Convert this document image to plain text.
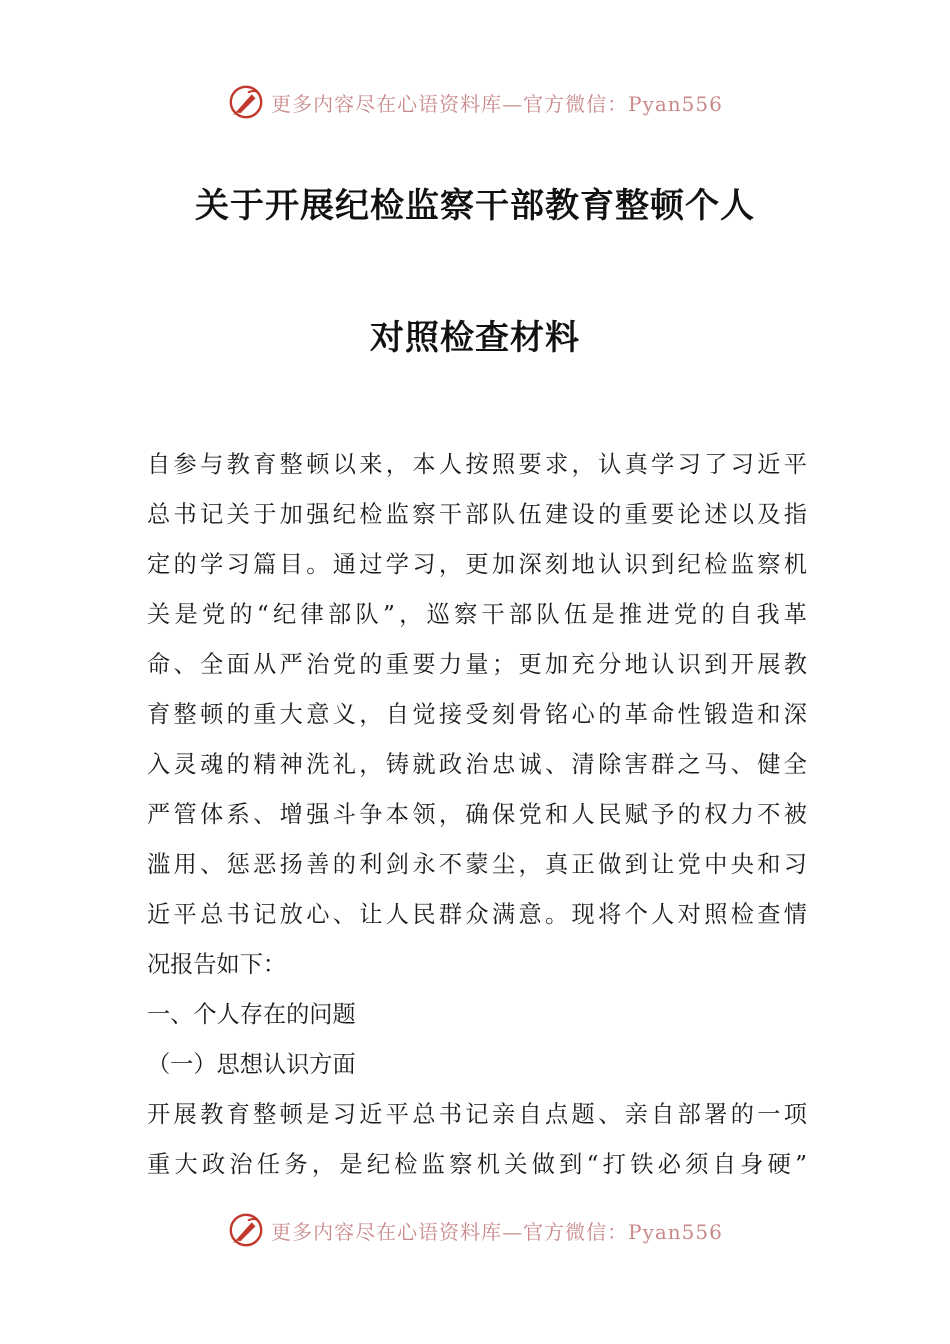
更多内容尽在心语资料库—官方微信：Pyan556
关于开展纪检监察干部教育整顿个人
对照检查材料
自参与教育整顿以来，本人按照要求，认真学习了习近平
总书记关于加强纪检监察干部队伍建设的重要论述以及指
定的学习篇目。通过学习，更加深刻地认识到纪检监察机
关是党的“纪律部队”，巡察干部队伍是推进党的自我革
命、全面从严治党的重要力量；更加充分地认识到开展教
育整顿的重大意义，自觉接受刻骨铭心的革命性锻造和深
入灵魂的精神洗礼，铸就政治忠诚、清除害群之马、健全
严管体系、增强斗争本领，确保党和人民赋予的权力不被
滥用、惩恶扬善的利剑永不蒙尘，真正做到让党中央和习
近平总书记放心、让人民群众满意。现将个人对照检查情
况报告如下：
一、个人存在的问题
（一）思想认识方面
开展教育整顿是习近平总书记亲自点题、亲自部署的一项
重大政治任务，是纪检监察机关做到“打铁必须自身硬”
更多内容尽在心语资料库—官方微信：Pyan556
